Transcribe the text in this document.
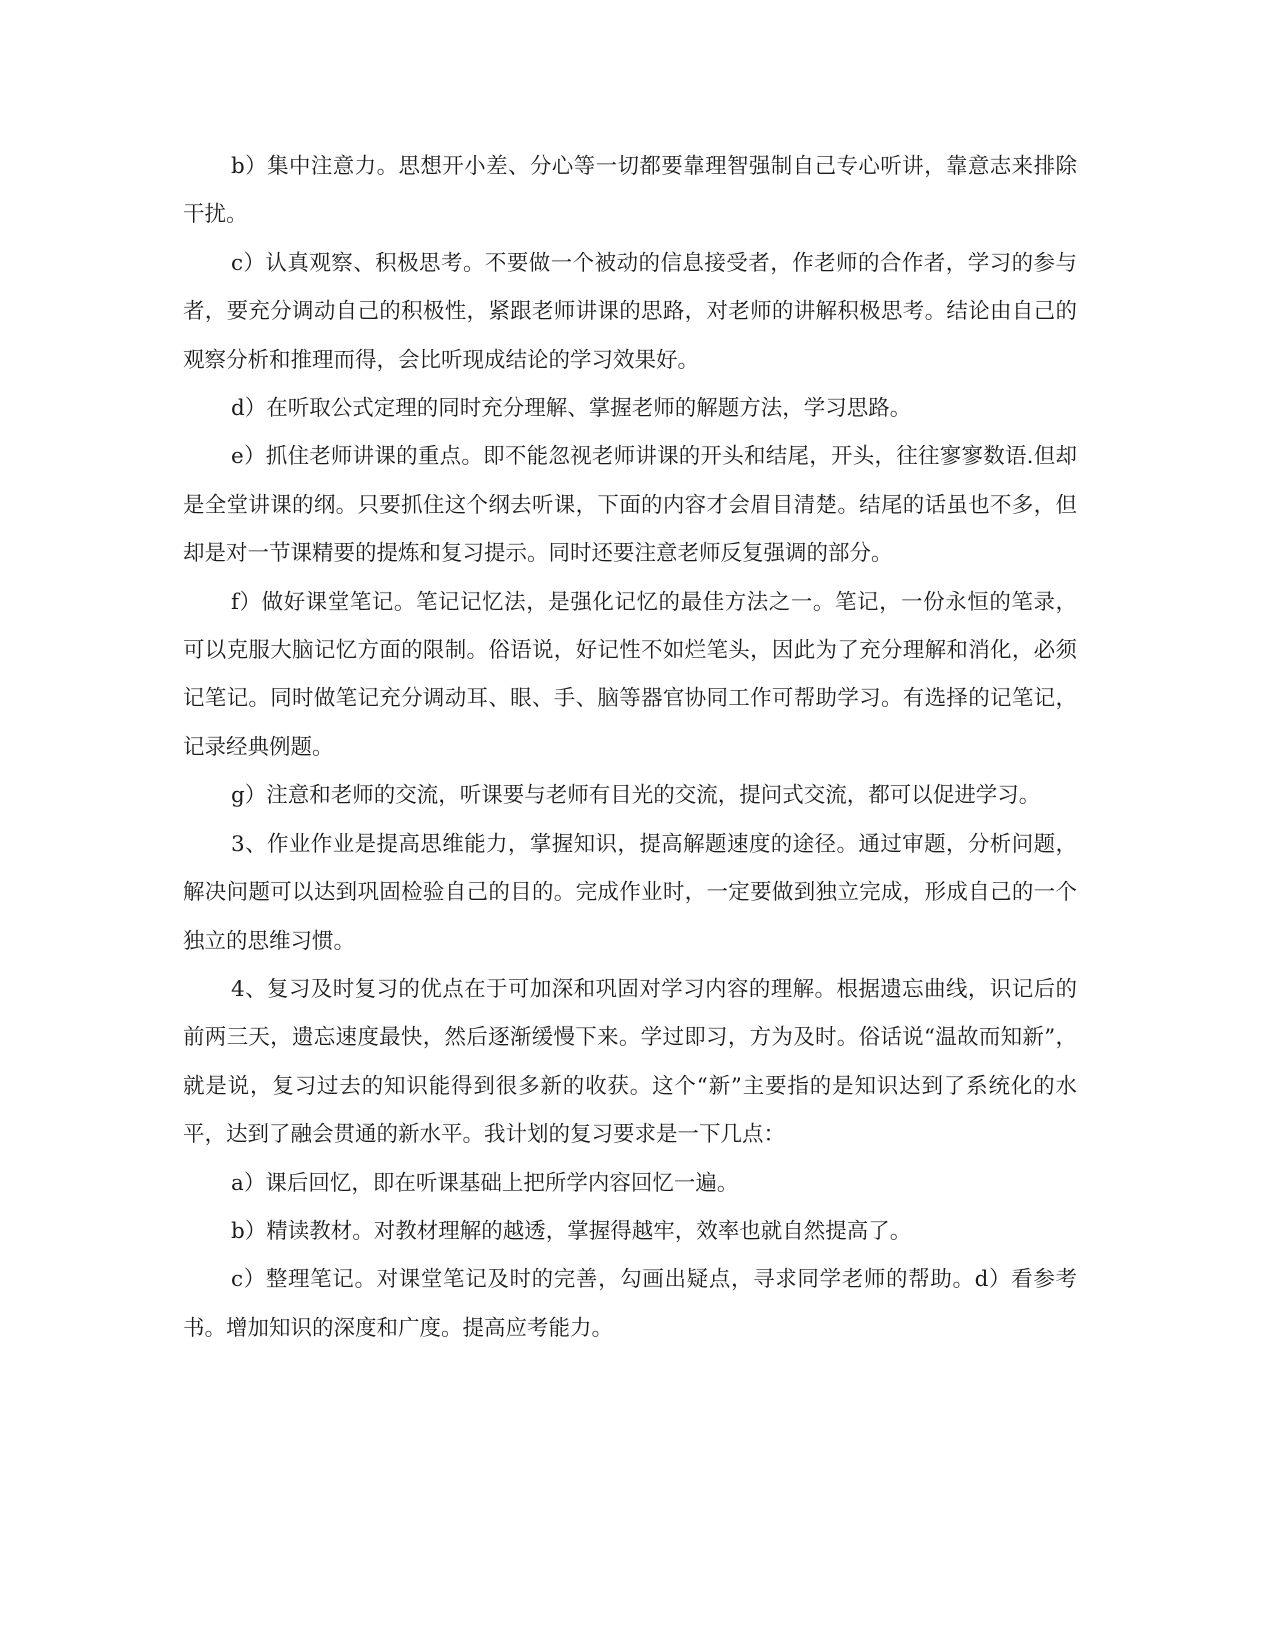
b）集中注意力。思想开小差、分心等一切都要靠理智强制自己专心听讲，靠意志来排除干扰。

c）认真观察、积极思考。不要做一个被动的信息接受者，作老师的合作者，学习的参与者，要充分调动自己的积极性，紧跟老师讲课的思路，对老师的讲解积极思考。结论由自己的观察分析和推理而得，会比听现成结论的学习效果好。

d）在听取公式定理的同时充分理解、掌握老师的解题方法，学习思路。

e）抓住老师讲课的重点。即不能忽视老师讲课的开头和结尾，开头，往往寥寥数语.但却是全堂讲课的纲。只要抓住这个纲去听课，下面的内容才会眉目清楚。结尾的话虽也不多，但却是对一节课精要的提炼和复习提示。同时还要注意老师反复强调的部分。

f）做好课堂笔记。笔记记忆法，是强化记忆的最佳方法之一。笔记，一份永恒的笔录，可以克服大脑记忆方面的限制。俗语说，好记性不如烂笔头，因此为了充分理解和消化，必须记笔记。同时做笔记充分调动耳、眼、手、脑等器官协同工作可帮助学习。有选择的记笔记，记录经典例题。

g）注意和老师的交流，听课要与老师有目光的交流，提问式交流，都可以促进学习。

3、作业作业是提高思维能力，掌握知识，提高解题速度的途径。通过审题，分析问题，解决问题可以达到巩固检验自己的目的。完成作业时，一定要做到独立完成，形成自己的一个独立的思维习惯。

4、复习及时复习的优点在于可加深和巩固对学习内容的理解。根据遗忘曲线，识记后的前两三天，遗忘速度最快，然后逐渐缓慢下来。学过即习，方为及时。俗话说“温故而知新”，就是说，复习过去的知识能得到很多新的收获。这个“新”主要指的是知识达到了系统化的水平，达到了融会贯通的新水平。我计划的复习要求是一下几点：

a）课后回忆，即在听课基础上把所学内容回忆一遍。

b）精读教材。对教材理解的越透，掌握得越牢，效率也就自然提高了。

c）整理笔记。对课堂笔记及时的完善，勾画出疑点，寻求同学老师的帮助。d）看参考书。增加知识的深度和广度。提高应考能力。
